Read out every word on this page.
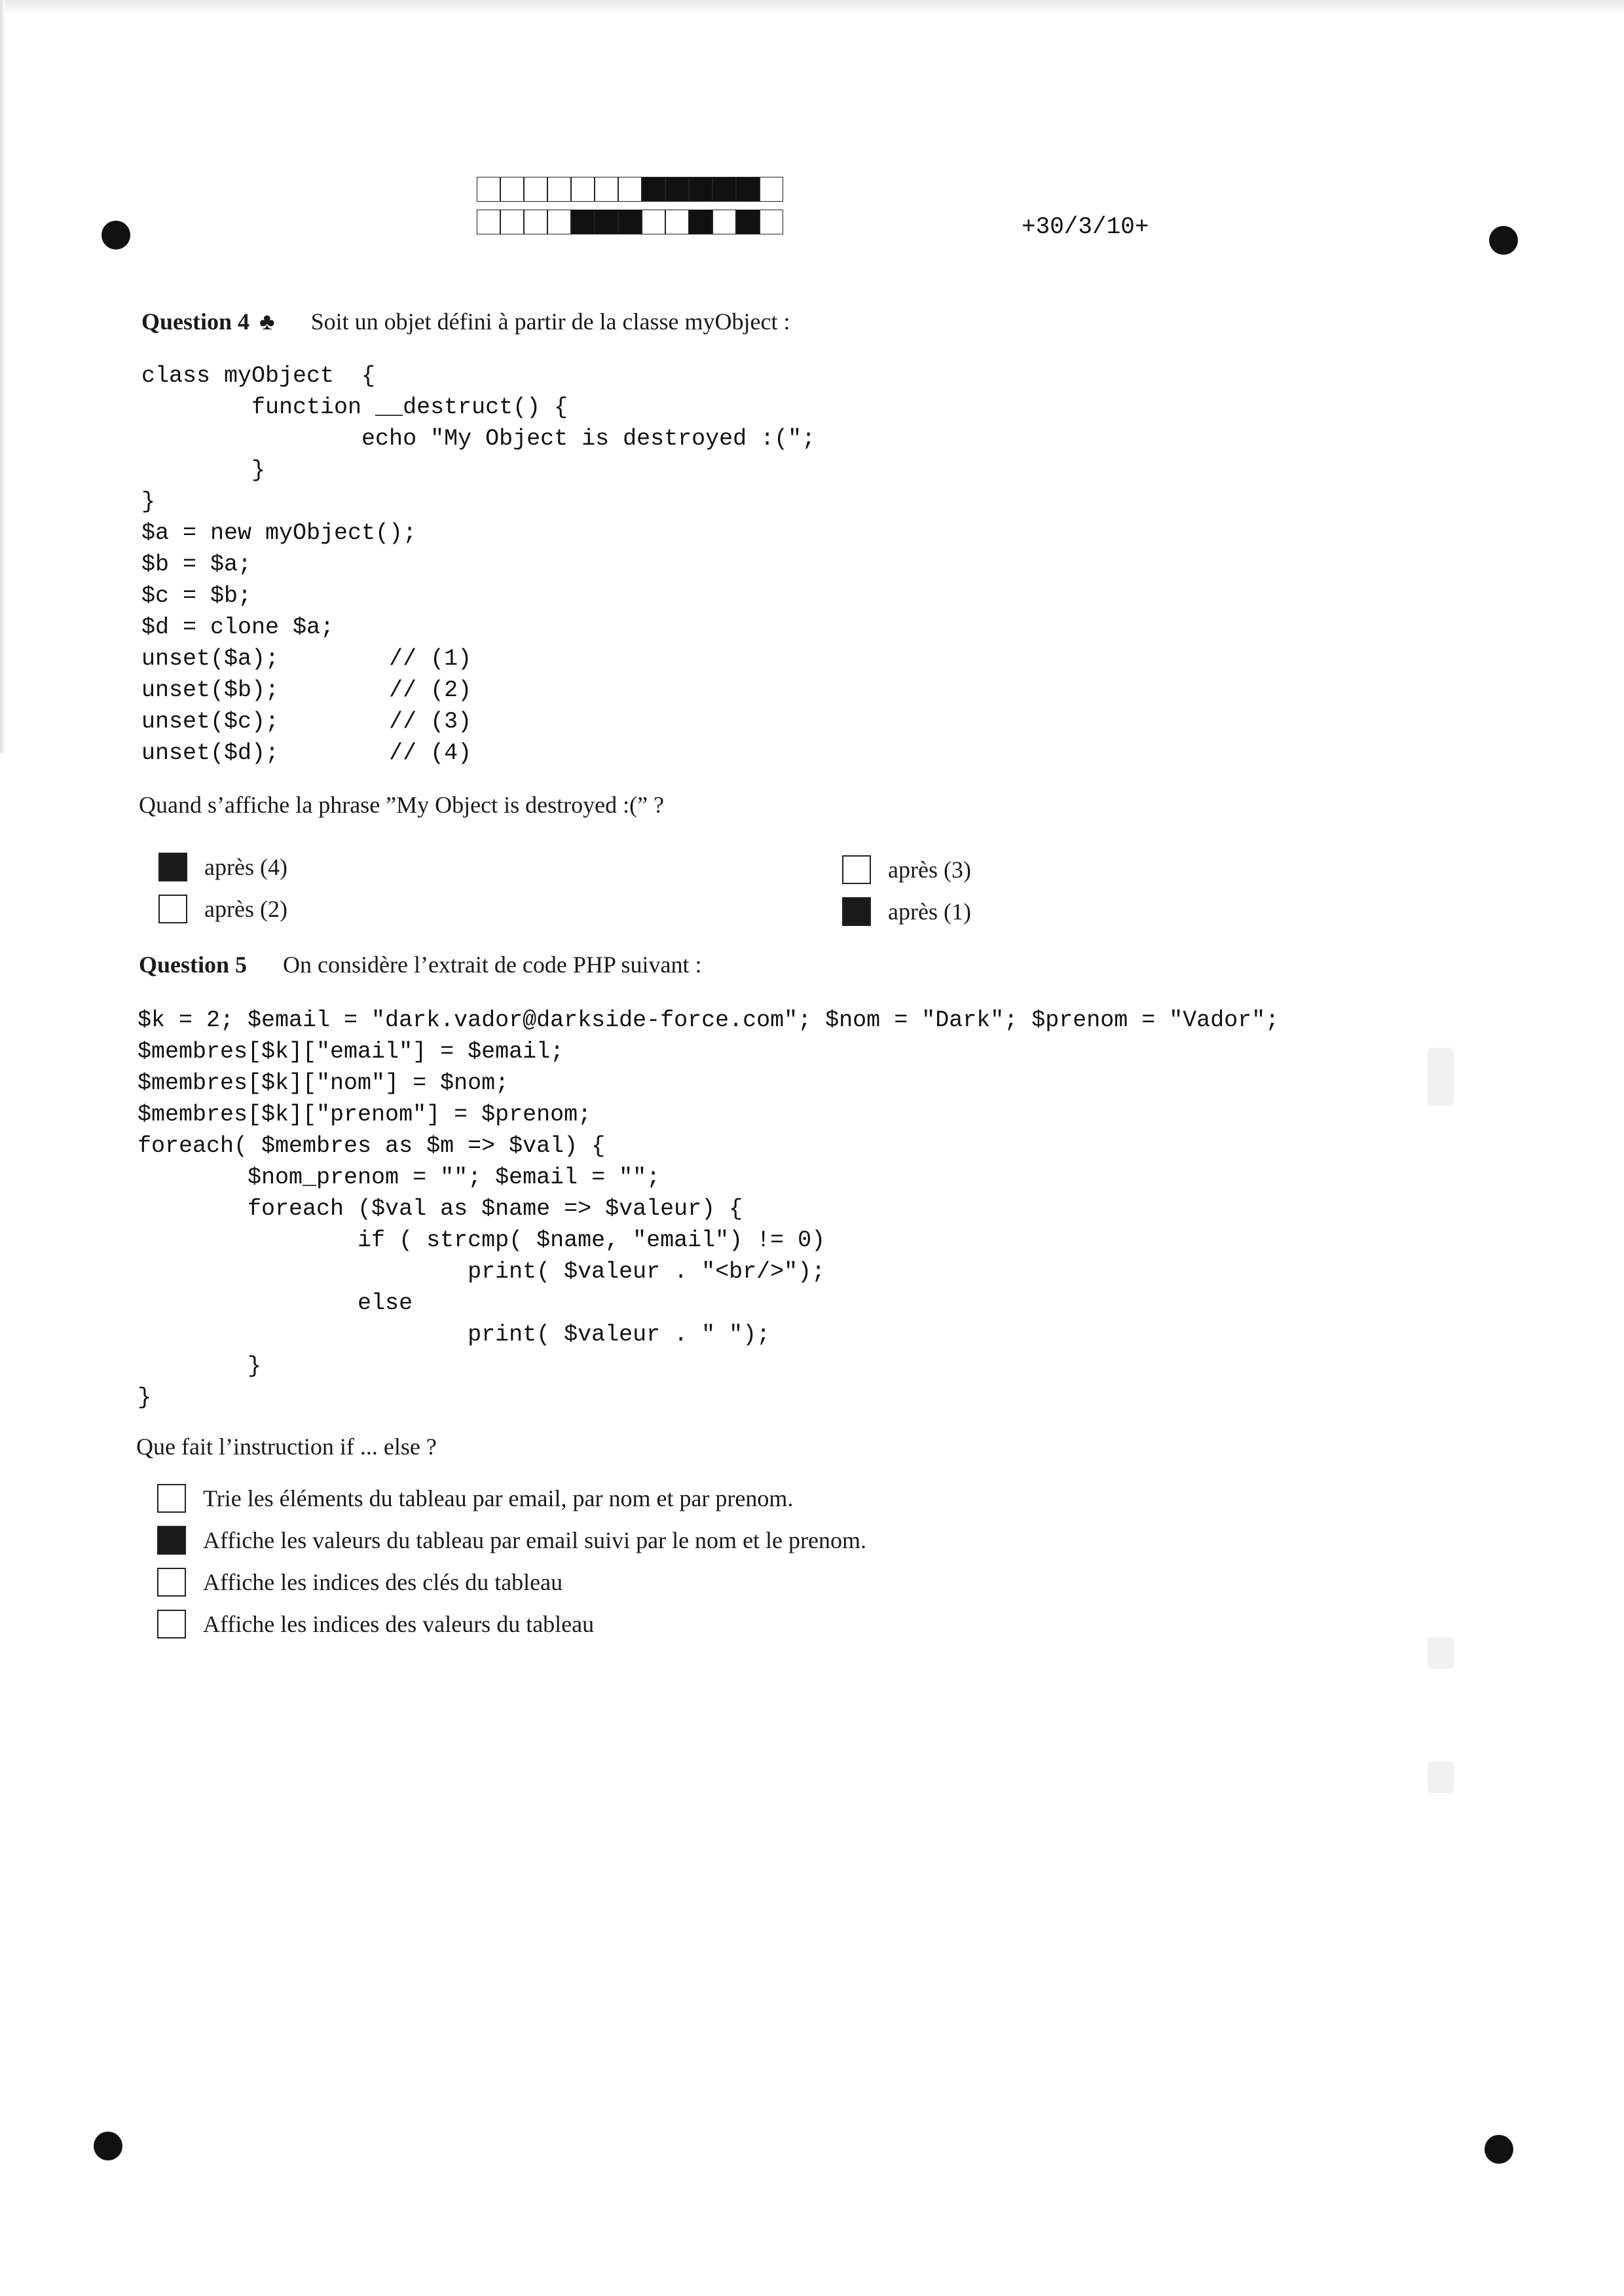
+30/3/10+
Question 4 ♣ Soit un objet défini à partir de la classe myObject :
class myObject  {
function __destruct() {
echo "My Object is destroyed :(";
}
}
$a = new myObject();
$b = $a;
$c = $b;
$d = clone $a;
unset($a);        // (1)
unset($b);        // (2)
unset($c);        // (3)
unset($d);        // (4)
Quand s’affiche la phrase ”My Object is destroyed :(” ?
après (4)	après (3)
après (2)	après (1)
Question 5 On considère l’extrait de code PHP suivant :
$k = 2; $email = "dark.vador@darkside-force.com"; $nom = "Dark"; $prenom = "Vador";
$membres[$k]["email"] = $email;
$membres[$k]["nom"] = $nom;
$membres[$k]["prenom"] = $prenom;
foreach( $membres as $m => $val) {
$nom_prenom = ""; $email = "";
foreach ($val as $name => $valeur) {
if ( strcmp( $name, "email") != 0)
print( $valeur . "<br/>");
else
print( $valeur . " ");
}
}
Que fait l’instruction if ... else ?
Trie les éléments du tableau par email, par nom et par prenom.
Affiche les valeurs du tableau par email suivi par le nom et le prenom.
Affiche les indices des clés du tableau
Affiche les indices des valeurs du tableau
